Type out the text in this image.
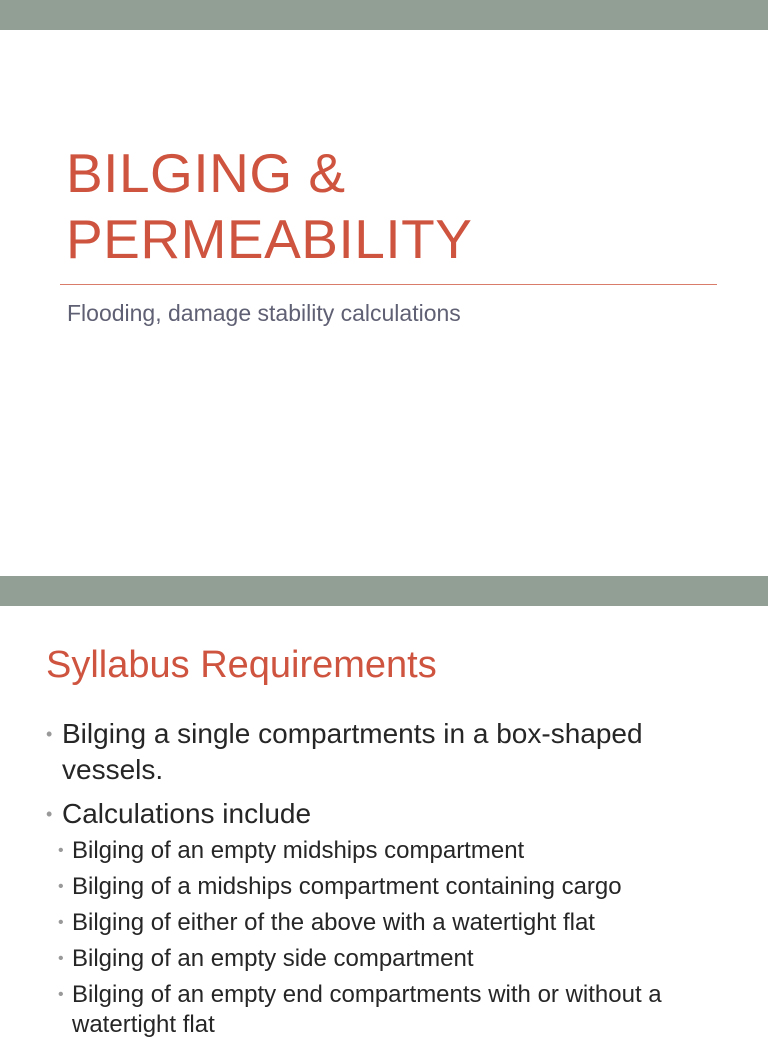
BILGING &
PERMEABILITY

Flooding, damage stability calculations

Syllabus Requirements
• Bilging a single compartments in a box-shaped vessels.
• Calculations include
• Bilging of an empty midships compartment
• Bilging of a midships compartment containing cargo
• Bilging of either of the above with a watertight flat
• Bilging of an empty side compartment
• Bilging of an empty end compartments with or without a watertight flat
